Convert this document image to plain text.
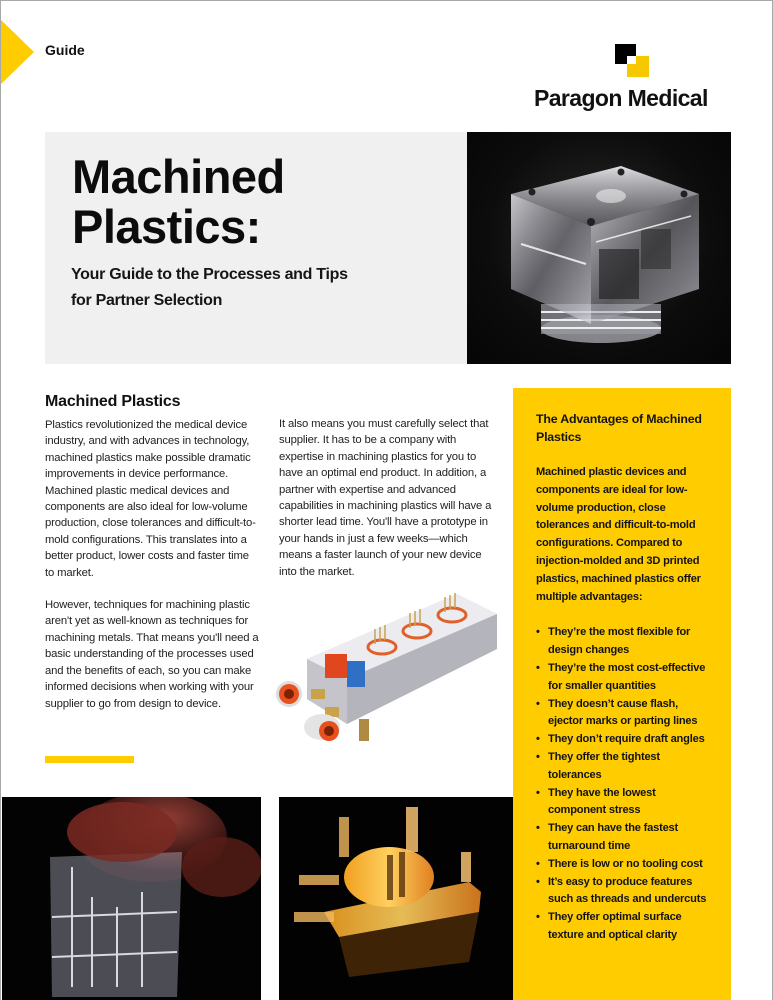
Guide
Paragon Medical
Machined
Plastics:
Your Guide to the Processes and Tips
for Partner Selection
Machined Plastics

Plastics revolutionized the medical device industry, and with advances in technology, machined plastics make possible dramatic improvements in device performance. Machined plastic medical devices and components are also ideal for low-volume production, close tolerances and difficult-to-mold configurations. This translates into a better product, lower costs and faster time to market.

However, techniques for machining plastic aren't yet as well-known as techniques for machining metals. That means you'll need a basic understanding of the processes used and the benefits of each, so you can make informed decisions when working with your supplier to go from design to device.

It also means you must carefully select that supplier. It has to be a company with expertise in machining plastics for you to have an optimal end product. In addition, a partner with expertise and advanced capabilities in machining plastics will have a shorter lead time. You'll have a prototype in your hands in just a few weeks—which means a faster launch of your new device into the market.

The Advantages of Machined Plastics

Machined plastic devices and components are ideal for low-volume production, close tolerances and difficult-to-mold configurations. Compared to injection-molded and 3D printed plastics, machined plastics offer multiple advantages:

• They’re the most flexible for design changes
• They’re the most cost-effective for smaller quantities
• They doesn’t cause flash, ejector marks or parting lines
• They don’t require draft angles
• They offer the tightest tolerances
• They have the lowest component stress
• They can have the fastest turnaround time
• There is low or no tooling cost
• It’s easy to produce features such as threads and undercuts
• They offer optimal surface texture and optical clarity
